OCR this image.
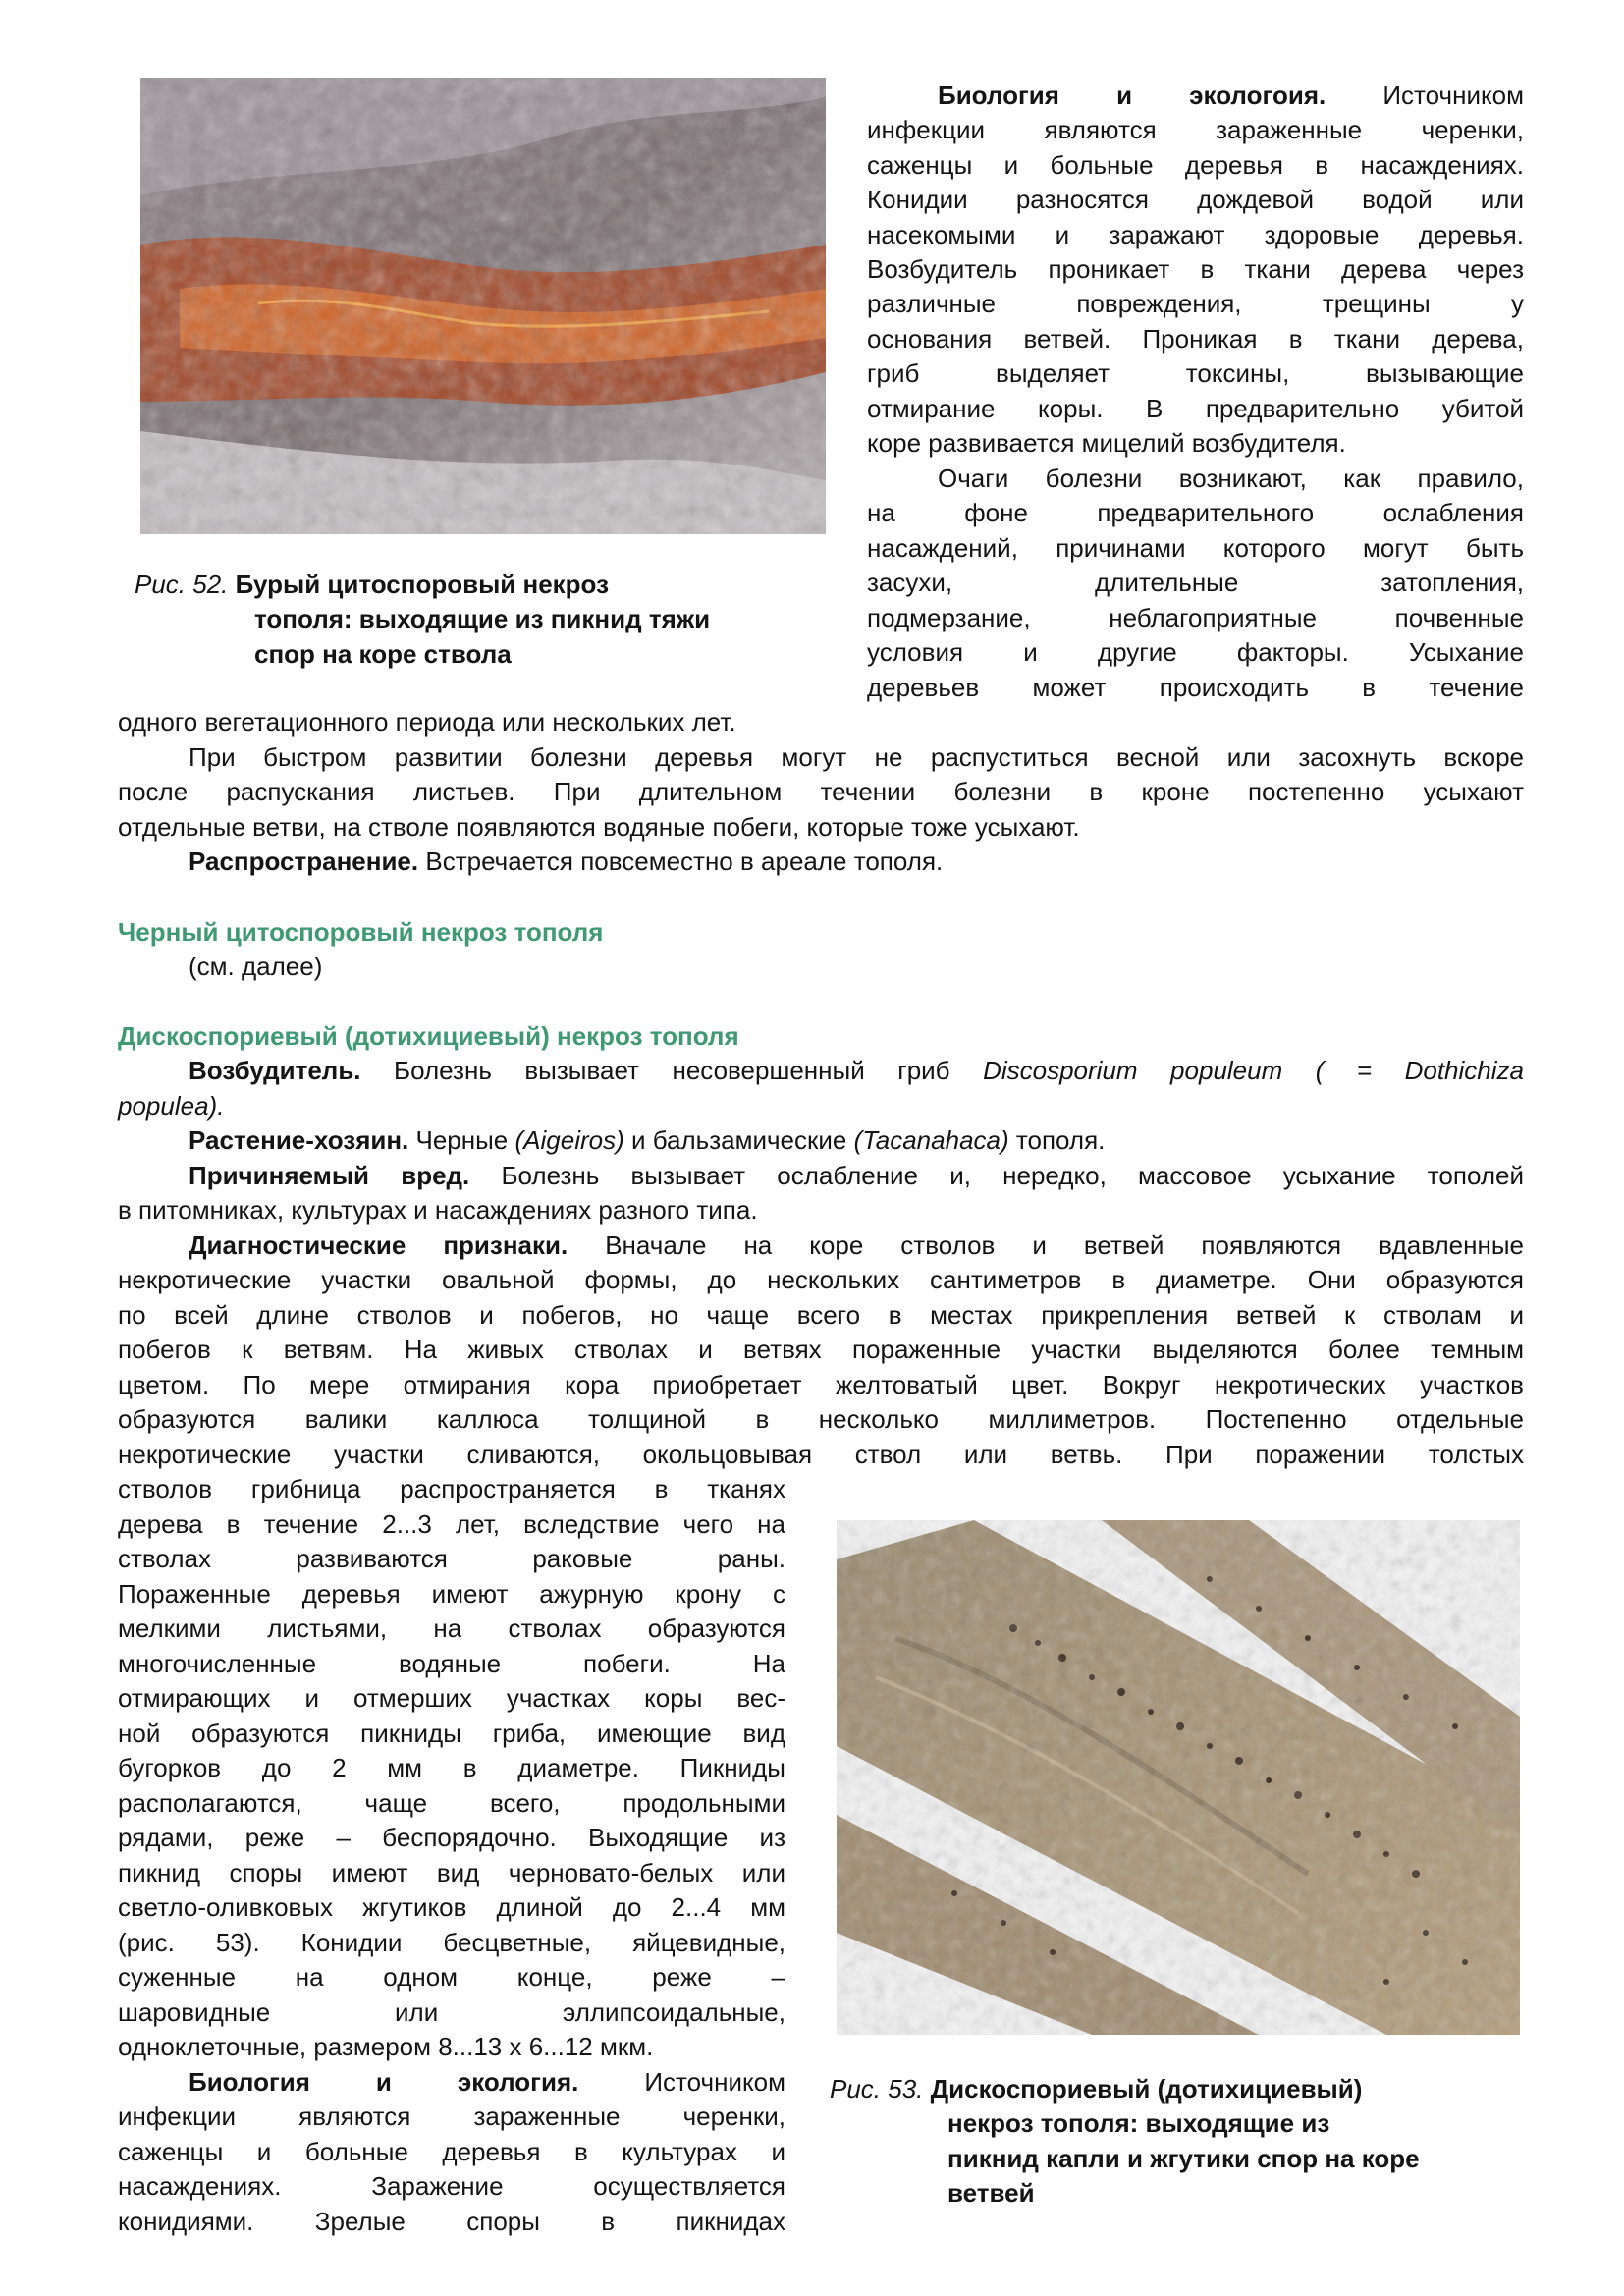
Рис. 52. Бурый цитоспоровый некроз
тополя: выходящие из пикнид тяжи
спор на коре ствола

Биология и экологоия. Источником

инфекции являются зараженные черенки,

саженцы и больные деревья в насаждениях.

Конидии разносятся дождевой водой или

насекомыми и заражают здоровые деревья.

Возбудитель проникает в ткани дерева через

различные повреждения, трещины у

основания ветвей. Проникая в ткани дерева,

гриб выделяет токсины, вызывающие

отмирание коры. В предварительно убитой

коре развивается мицелий возбудителя.

Очаги болезни возникают, как правило,

на фоне предварительного ослабления

насаждений, причинами которого могут быть

засухи, длительные затопления,

подмерзание, неблагоприятные почвенные

условия и другие факторы. Усыхание

деревьев может происходить в течение

одного вегетационного периода или нескольких лет.

При быстром развитии болезни деревья могут не распуститься весной или засохнуть вскоре

после распускания листьев. При длительном течении болезни в кроне постепенно усыхают

отдельные ветви, на стволе появляются водяные побеги, которые тоже усыхают.

Распространение. Встречается повсеместно в ареале тополя.

Черный цитоспоровый некроз тополя

(см. далее)

Дискоспориевый (дотихициевый) некроз тополя

Возбудитель. Болезнь вызывает несовершенный гриб Discosporium populeum ( = Dothichiza

populea).

Растение-хозяин. Черные (Aigeiros) и бальзамические (Tacanahaca) тополя.

Причиняемый вред. Болезнь вызывает ослабление и, нередко, массовое усыхание тополей

в питомниках, культурах и насаждениях разного типа.

Диагностические признаки. Вначале на коре стволов и ветвей появляются вдавленные

некротические участки овальной формы, до нескольких сантиметров в диаметре. Они образуются

по всей длине стволов и побегов, но чаще всего в местах прикрепления ветвей к стволам и

побегов к ветвям. На живых стволах и ветвях пораженные участки выделяются более темным

цветом. По мере отмирания кора приобретает желтоватый цвет. Вокруг некротических участков

образуются валики каллюса толщиной в несколько миллиметров. Постепенно отдельные

некротические участки сливаются, окольцовывая ствол или ветвь. При поражении толстых

стволов грибница распространяется в тканях

дерева в течение 2...3 лет, вследствие чего на

стволах развиваются раковые раны.

Пораженные деревья имеют ажурную крону с

мелкими листьями, на стволах образуются

многочисленные водяные побеги. На

отмирающих и отмерших участках коры вес-

ной образуются пикниды гриба, имеющие вид

бугорков до 2 мм в диаметре. Пикниды

располагаются, чаще всего, продольными

рядами, реже – беспорядочно. Выходящие из

пикнид споры имеют вид черновато-белых или

светло-оливковых жгутиков длиной до 2...4 мм

(рис. 53). Конидии бесцветные, яйцевидные,

суженные на одном конце, реже –

шаровидные или эллипсоидальные,

одноклеточные, размером 8...13 x 6...12 мкм.

Биология и экология.	Источником

инфекции являются зараженные черенки,

саженцы и больные деревья в культурах и

насаждениях. Заражение осуществляется

конидиями. Зрелые споры в пикнидах

Рис. 53. Дискоспориевый (дотихициевый)
некроз тополя: выходящие из
пикнид капли и жгутики спор на коре
ветвей
